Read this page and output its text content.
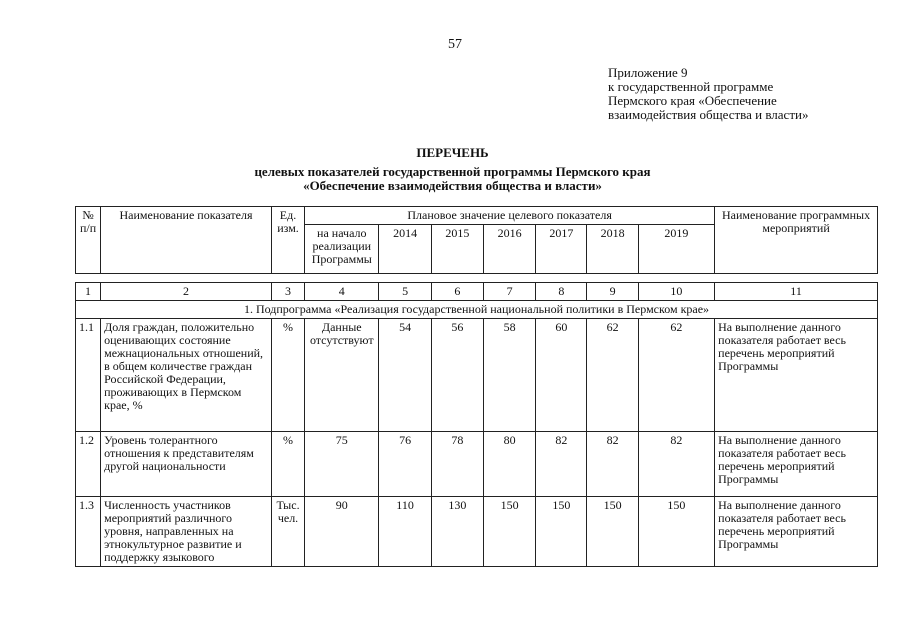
57
Приложение 9
к государственной программе
Пермского края «Обеспечение
взаимодействия общества и власти»
ПЕРЕЧЕНЬ
целевых показателей государственной программы Пермского края
«Обеспечение взаимодействия общества и власти»
№ п/п	Наименование показателя	Ед. изм.	Плановое значение целевого показателя							Наименование программных мероприятий
			на начало реализации Программы	2014	2015	2016	2017	2018	2019	

1	2	3	4	5	6	7	8	9	10	11
1. Подпрограмма «Реализация государственной национальной политики в Пермском крае»										
1.1	Доля граждан, положительно оценивающих состояние межнациональных отношений, в общем количестве граждан Российской Федерации, проживающих в Пермском крае, %	%	Данные отсутствуют	54	56	58	60	62	62	На выполнение данного показателя работает весь перечень мероприятий Программы
1.2	Уровень толерантного отношения к представителям другой национальности	%	75	76	78	80	82	82	82	На выполнение данного показателя работает весь перечень мероприятий Программы
1.3	Численность участников мероприятий различного уровня, направленных на этнокультурное развитие и поддержку языкового	Тыс. чел.	90	110	130	150	150	150	150	На выполнение данного показателя работает весь перечень мероприятий Программы
